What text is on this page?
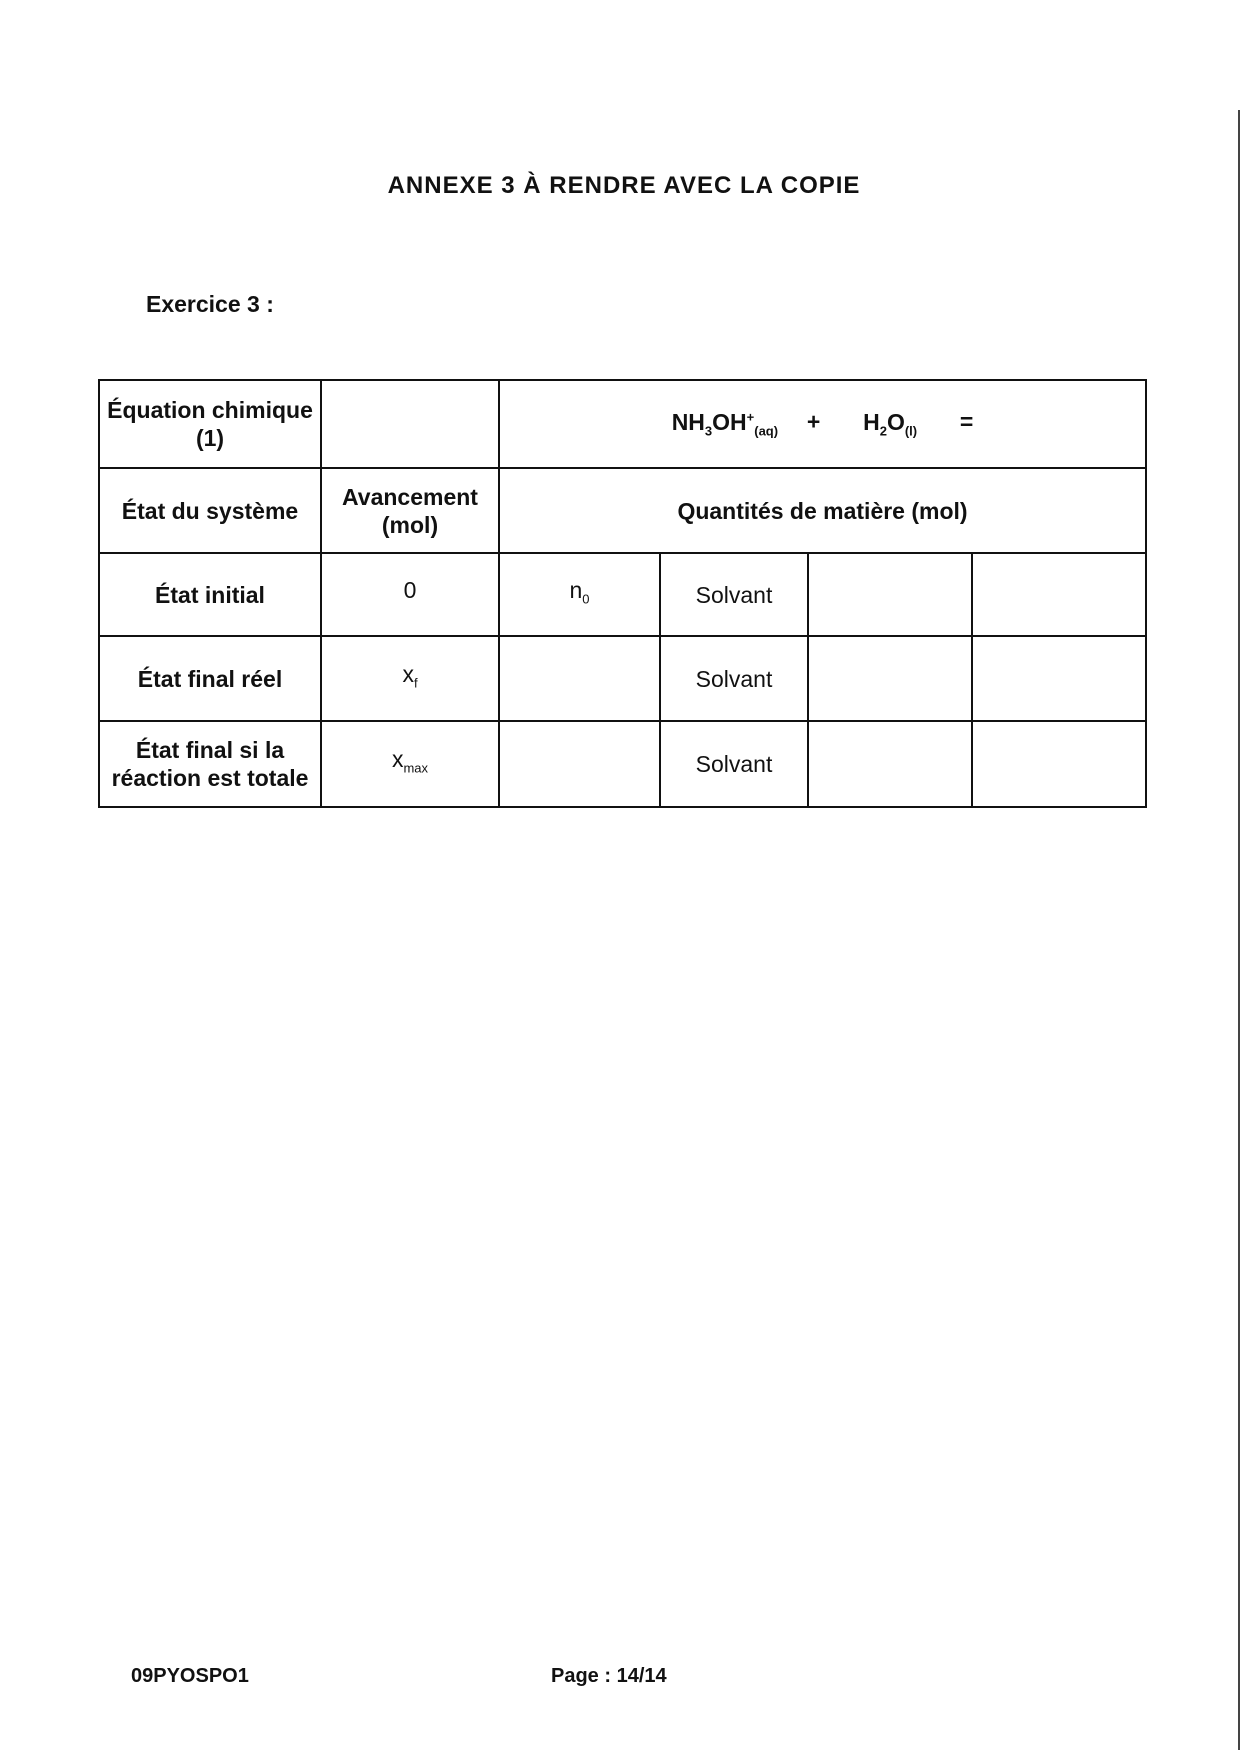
ANNEXE 3 À RENDRE AVEC LA COPIE
Exercice 3 :
Équation chimique (1)		$NH_3OH^+_{(aq)} + H_2O_{(l)}$ =			
État du système	Avancement (mol)	Quantités de matière (mol)			
État initial	0	$n_0$	Solvant		
État final réel	$x_f$		Solvant		
État final si la réaction est totale	$x_{max}$		Solvant		
09PYOSPO1	Page : 14/14
